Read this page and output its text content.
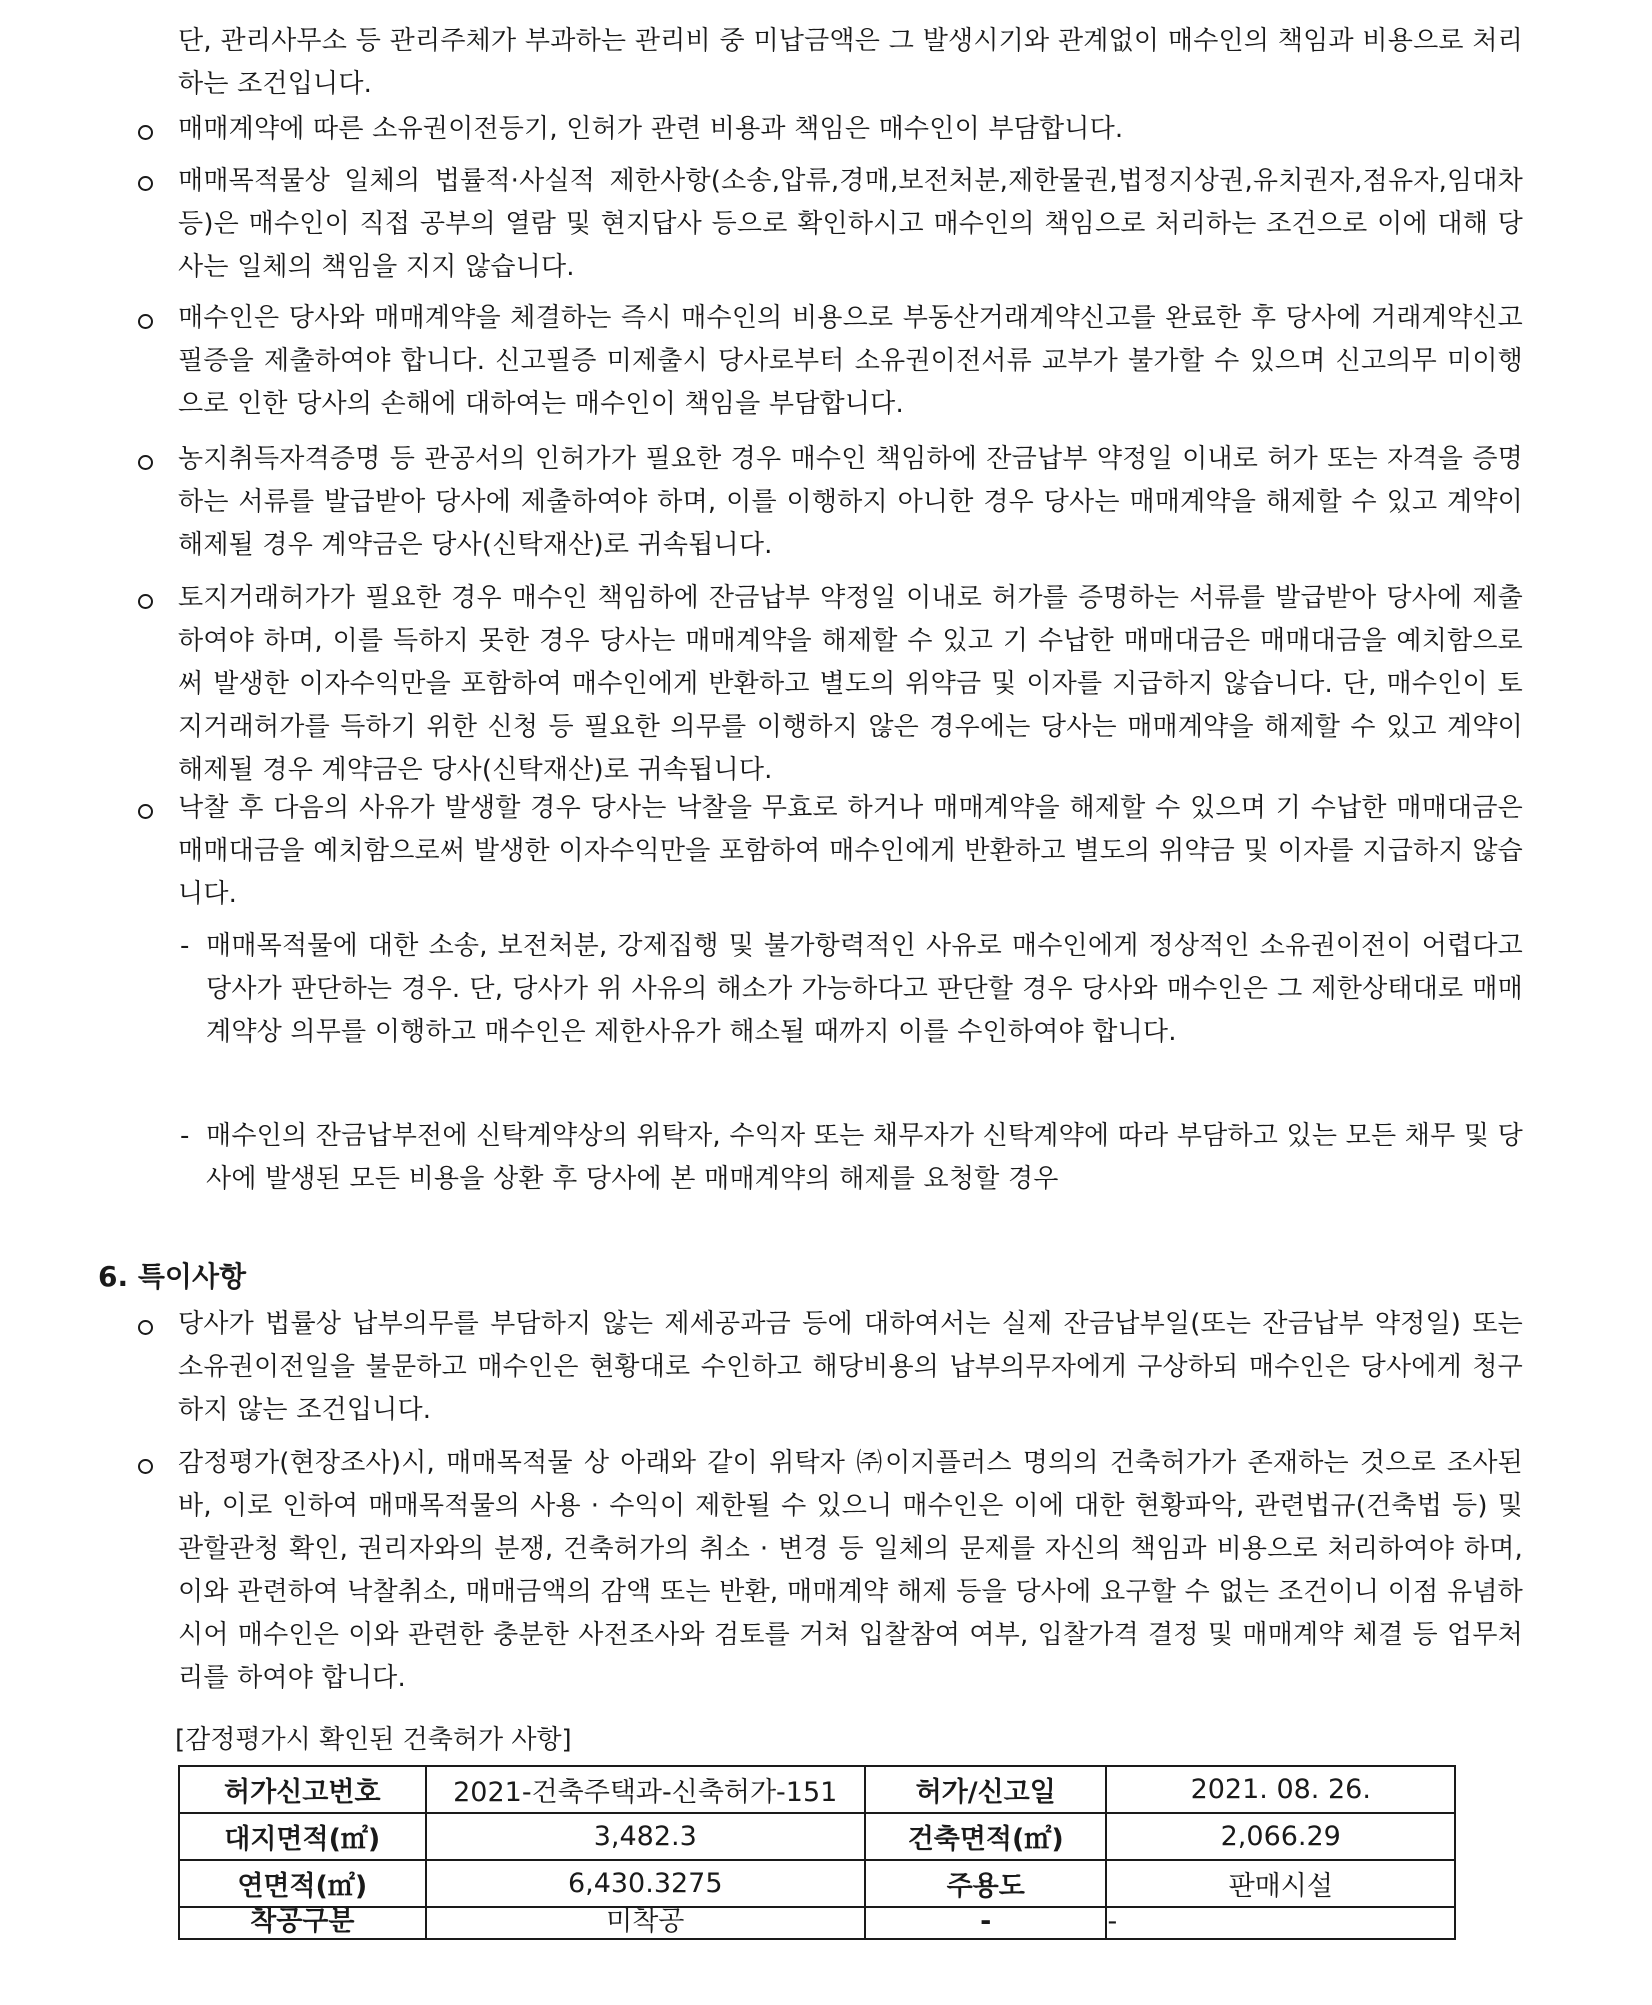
단, 관리사무소 등 관리주체가 부과하는 관리비 중 미납금액은 그 발생시기와 관계없이 매수인의 책임과 비용으로 처리하는 조건입니다.
매매계약에 따른 소유권이전등기, 인허가 관련 비용과 책임은 매수인이 부담합니다.
매매목적물상 일체의 법률적·사실적 제한사항(소송,압류,경매,보전처분,제한물권,법정지상권,유치권자,점유자,임대차 등)은 매수인이 직접 공부의 열람 및 현지답사 등으로 확인하시고 매수인의 책임으로 처리하는 조건으로 이에 대해 당사는 일체의 책임을 지지 않습니다.
매수인은 당사와 매매계약을 체결하는 즉시 매수인의 비용으로 부동산거래계약신고를 완료한 후 당사에 거래계약신고필증을 제출하여야 합니다. 신고필증 미제출시 당사로부터 소유권이전서류 교부가 불가할 수 있으며 신고의무 미이행으로 인한 당사의 손해에 대하여는 매수인이 책임을 부담합니다.
농지취득자격증명 등 관공서의 인허가가 필요한 경우 매수인 책임하에 잔금납부 약정일 이내로 허가 또는 자격을 증명하는 서류를 발급받아 당사에 제출하여야 하며, 이를 이행하지 아니한 경우 당사는 매매계약을 해제할 수 있고 계약이 해제될 경우 계약금은 당사(신탁재산)로 귀속됩니다.
토지거래허가가 필요한 경우 매수인 책임하에 잔금납부 약정일 이내로 허가를 증명하는 서류를 발급받아 당사에 제출하여야 하며, 이를 득하지 못한 경우 당사는 매매계약을 해제할 수 있고 기 수납한 매매대금은 매매대금을 예치함으로써 발생한 이자수익만을 포함하여 매수인에게 반환하고 별도의 위약금 및 이자를 지급하지 않습니다. 단, 매수인이 토지거래허가를 득하기 위한 신청 등 필요한 의무를 이행하지 않은 경우에는 당사는 매매계약을 해제할 수 있고 계약이 해제될 경우 계약금은 당사(신탁재산)로 귀속됩니다.
낙찰 후 다음의 사유가 발생할 경우 당사는 낙찰을 무효로 하거나 매매계약을 해제할 수 있으며 기 수납한 매매대금은 매매대금을 예치함으로써 발생한 이자수익만을 포함하여 매수인에게 반환하고 별도의 위약금 및 이자를 지급하지 않습니다.
- 매매목적물에 대한 소송, 보전처분, 강제집행 및 불가항력적인 사유로 매수인에게 정상적인 소유권이전이 어렵다고 당사가 판단하는 경우. 단, 당사가 위 사유의 해소가 가능하다고 판단할 경우 당사와 매수인은 그 제한상태대로 매매계약상 의무를 이행하고 매수인은 제한사유가 해소될 때까지 이를 수인하여야 합니다.
- 매수인의 잔금납부전에 신탁계약상의 위탁자, 수익자 또는 채무자가 신탁계약에 따라 부담하고 있는 모든 채무 및 당사에 발생된 모든 비용을 상환 후 당사에 본 매매계약의 해제를 요청할 경우
6. 특이사항
당사가 법률상 납부의무를 부담하지 않는 제세공과금 등에 대하여서는 실제 잔금납부일(또는 잔금납부 약정일) 또는 소유권이전일을 불문하고 매수인은 현황대로 수인하고 해당비용의 납부의무자에게 구상하되 매수인은 당사에게 청구하지 않는 조건입니다.
감정평가(현장조사)시, 매매목적물 상 아래와 같이 위탁자 ㈜이지플러스 명의의 건축허가가 존재하는 것으로 조사된 바, 이로 인하여 매매목적물의 사용 · 수익이 제한될 수 있으니 매수인은 이에 대한 현황파악, 관련법규(건축법 등) 및 관할관청 확인, 권리자와의 분쟁, 건축허가의 취소 · 변경 등 일체의 문제를 자신의 책임과 비용으로 처리하여야 하며, 이와 관련하여 낙찰취소, 매매금액의 감액 또는 반환, 매매계약 해제 등을 당사에 요구할 수 없는 조건이니 이점 유념하시어 매수인은 이와 관련한 충분한 사전조사와 검토를 거쳐 입찰참여 여부, 입찰가격 결정 및 매매계약 체결 등 업무처리를 하여야 합니다.
[감정평가시 확인된 건축허가 사항]
허가신고번호	2021-건축주택과-신축허가-151	허가/신고일	2021. 08. 26.
대지면적(㎡)	3,482.3	건축면적(㎡)	2,066.29
연면적(㎡)	6,430.3275	주용도	판매시설
착공구분	미착공	-	-
